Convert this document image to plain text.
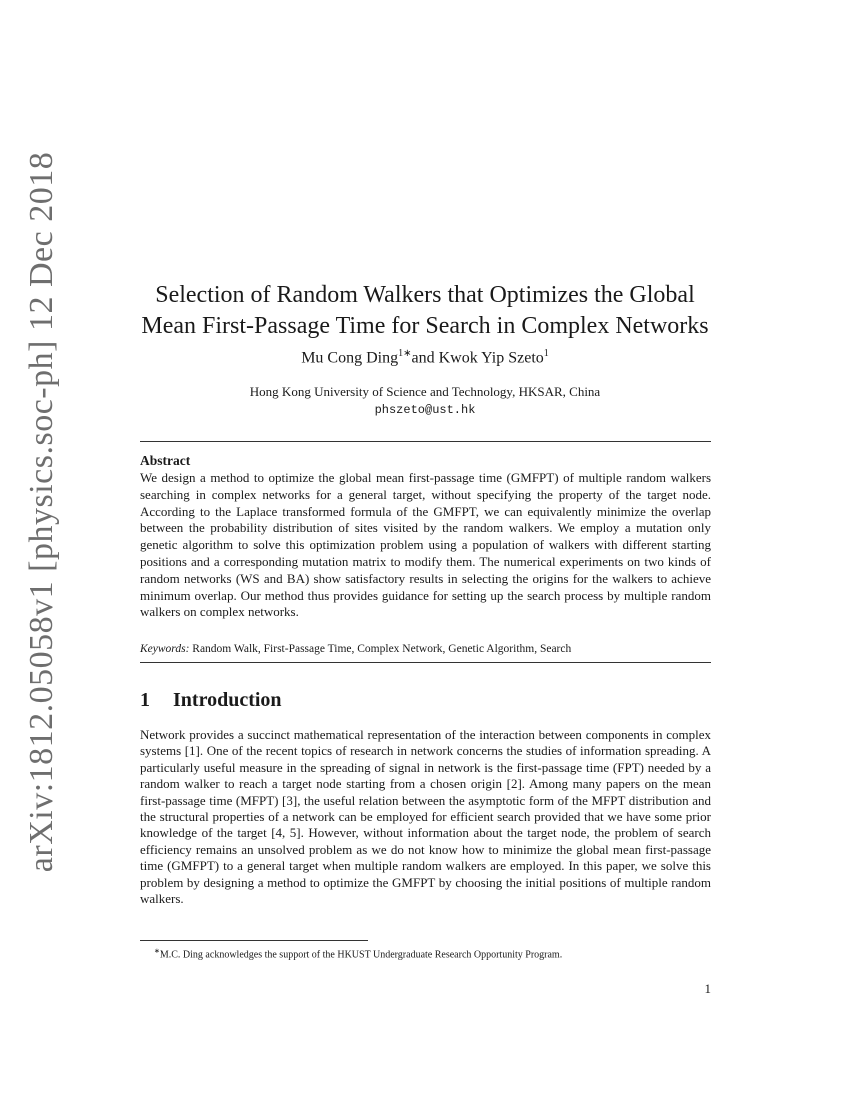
arXiv:1812.05058v1 [physics.soc-ph] 12 Dec 2018	Selection of Random Walkers that Optimizes the Global
Mean First-Passage Time for Search in Complex Networks
Mu Cong Ding$^{1∗}$and Kwok Yip Szeto$^1$
Hong Kong University of Science and Technology, HKSAR, China
phszeto@ust.hk
Abstract

We design a method to optimize the global mean first-passage time (GMFPT) of multiple random walkers searching in complex networks for a general target, without specifying the property of the target node. According to the Laplace transformed formula of the GMFPT, we can equivalently minimize the overlap between the probability distribution of sites visited by the random walkers. We employ a mutation only genetic algorithm to solve this optimization problem using a population of walkers with different starting positions and a corresponding mutation matrix to modify them. The numerical experiments on two kinds of random networks (WS and BA) show satisfactory results in selecting the origins for the walkers to achieve minimum overlap. Our method thus provides guidance for setting up the search process by multiple random walkers on complex networks.

Keywords: Random Walk, First-Passage Time, Complex Network, Genetic Algorithm, Search
1 Introduction

Network provides a succinct mathematical representation of the interaction between components in complex systems [1]. One of the recent topics of research in network concerns the studies of information spreading. A particularly useful measure in the spreading of signal in network is the first-passage time (FPT) needed by a random walker to reach a target node starting from a chosen origin [2]. Among many papers on the mean first-passage time (MFPT) [3], the useful relation between the asymptotic form of the MFPT distribution and the structural properties of a network can be employed for efficient search provided that we have some prior knowledge of the target [4, 5]. However, without information about the target node, the problem of search efficiency remains an unsolved problem as we do not know how to minimize the global mean first-passage time (GMFPT) to a general target when multiple random walkers are employed. In this paper, we solve this problem by designing a method to optimize the GMFPT by choosing the initial positions of multiple random walkers.

∗M.C. Ding acknowledges the support of the HKUST Undergraduate Research Opportunity Program.
1
